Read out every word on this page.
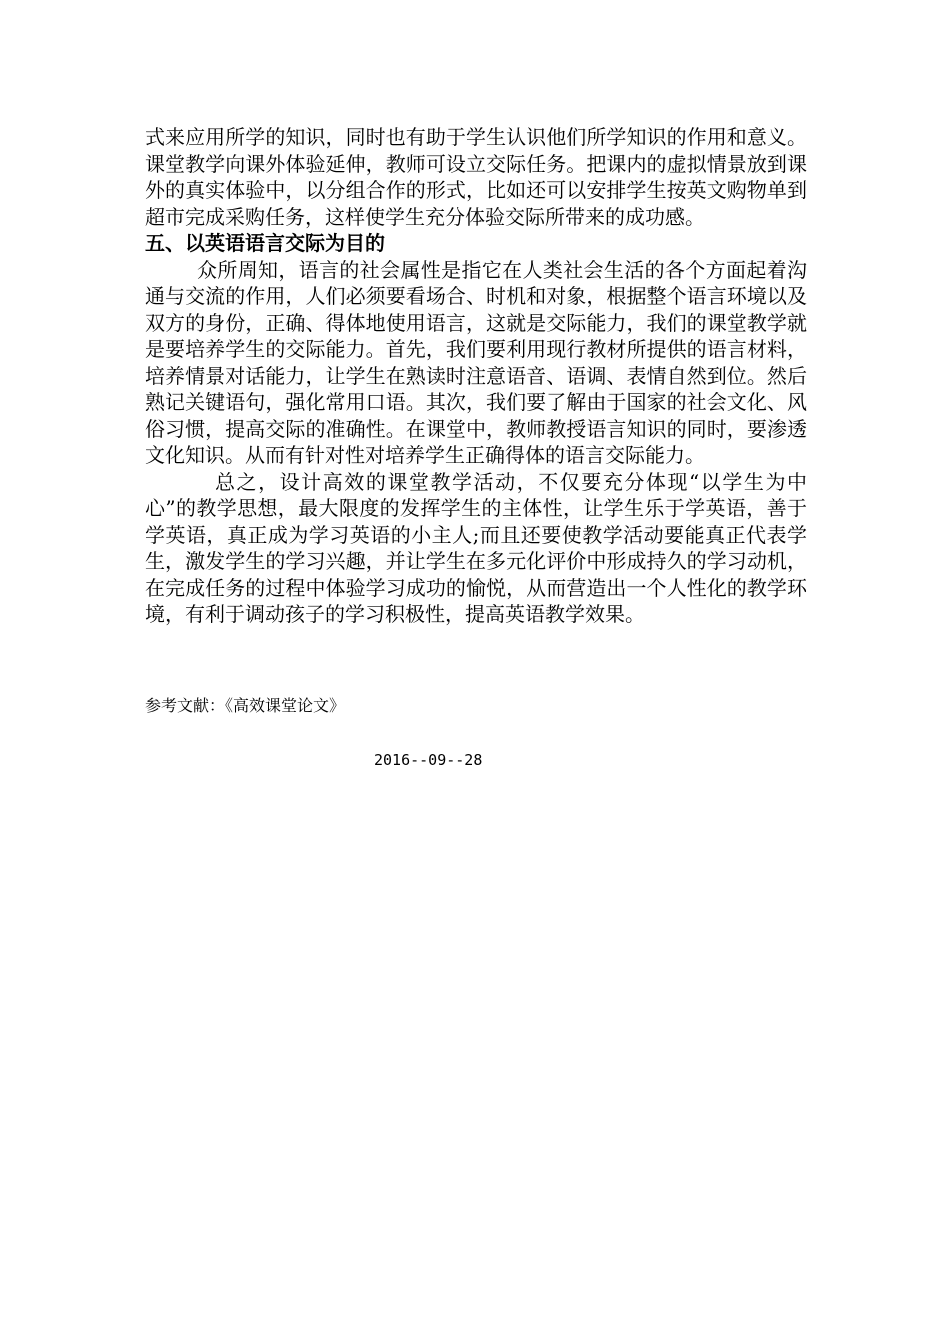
式来应用所学的知识，同时也有助于学生认识他们所学知识的作用和意义。课堂教学向课外体验延伸，教师可设立交际任务。把课内的虚拟情景放到课外的真实体验中，以分组合作的形式，比如还可以安排学生按英文购物单到超市完成采购任务，这样使学生充分体验交际所带来的成功感。

五、以英语语言交际为目的

众所周知，语言的社会属性是指它在人类社会生活的各个方面起着沟通与交流的作用，人们必须要看场合、时机和对象，根据整个语言环境以及双方的身份，正确、得体地使用语言，这就是交际能力，我们的课堂教学就是要培养学生的交际能力。首先，我们要利用现行教材所提供的语言材料，培养情景对话能力，让学生在熟读时注意语音、语调、表情自然到位。然后熟记关键语句，强化常用口语。其次，我们要了解由于国家的社会文化、风俗习惯，提高交际的准确性。在课堂中，教师教授语言知识的同时，要渗透文化知识。从而有针对性对培养学生正确得体的语言交际能力。

总之，设计高效的课堂教学活动，不仅要充分体现“以学生为中心”的教学思想，最大限度的发挥学生的主体性，让学生乐于学英语，善于学英语，真正成为学习英语的小主人;而且还要使教学活动要能真正代表学生，激发学生的学习兴趣，并让学生在多元化评价中形成持久的学习动机，在完成任务的过程中体验学习成功的愉悦，从而营造出一个人性化的教学环境，有利于调动孩子的学习积极性，提高英语教学效果。

参考文献：《高效课堂论文》
2016--09--28
